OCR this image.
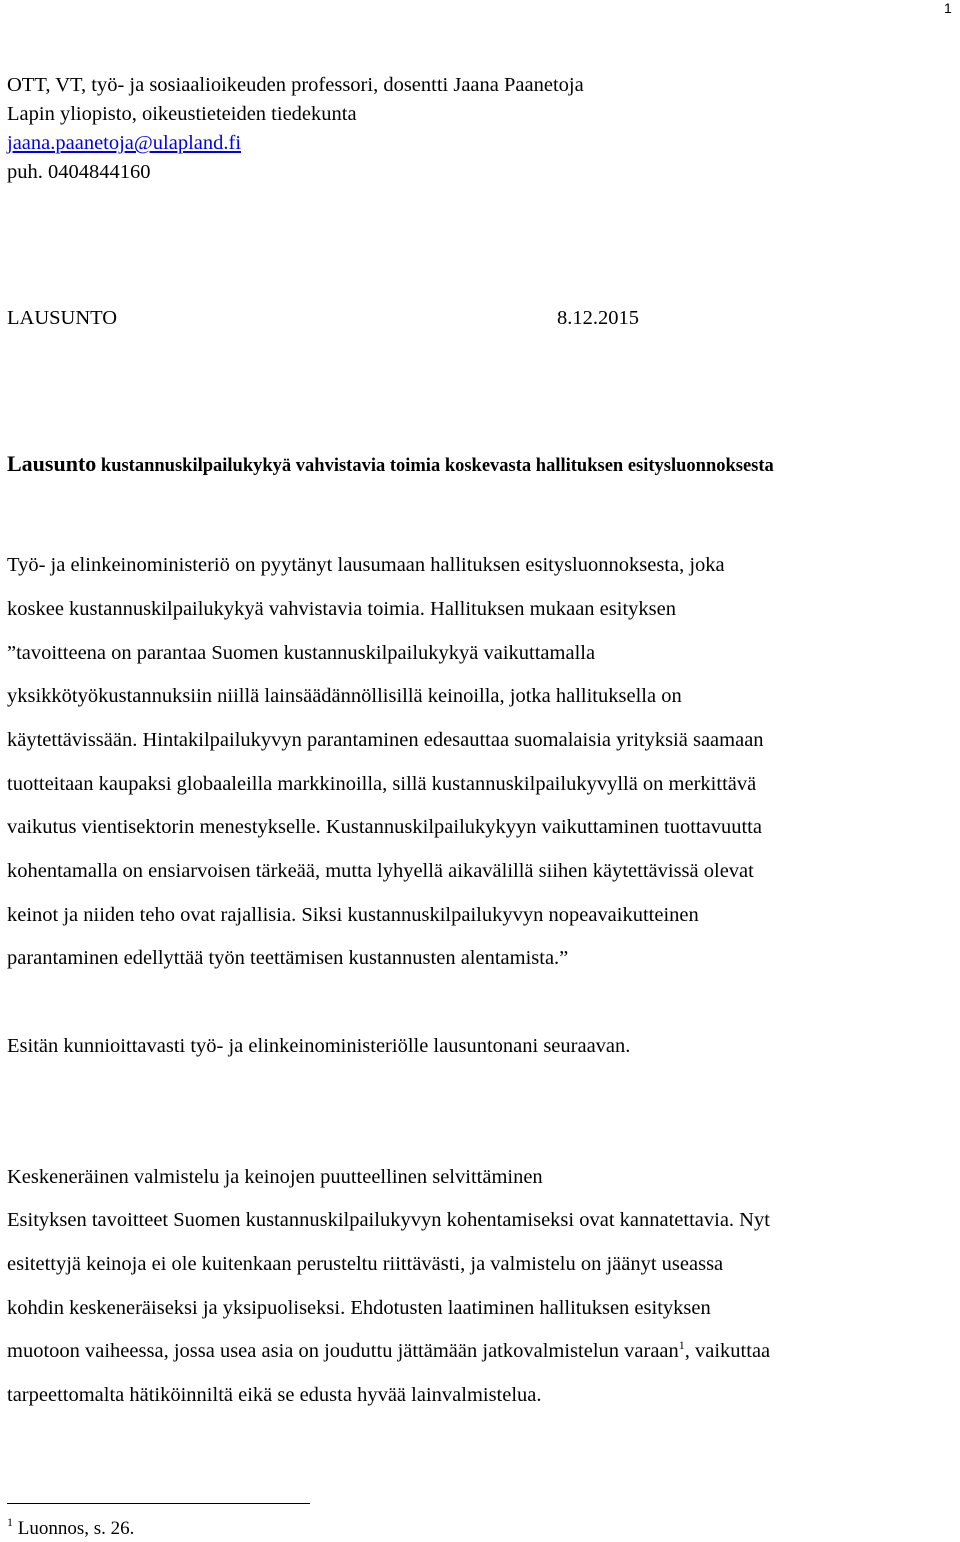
1
OTT, VT, työ- ja sosiaalioikeuden professori, dosentti Jaana Paanetoja
Lapin yliopisto, oikeustieteiden tiedekunta
jaana.paanetoja@ulapland.fi
puh. 0404844160
LAUSUNTO	8.12.2015
Lausunto kustannuskilpailukykyä vahvistavia toimia koskevasta hallituksen esitysluonnoksesta
Työ- ja elinkeinoministeriö on pyytänyt lausumaan hallituksen esitysluonnoksesta, joka
koskee kustannuskilpailukykyä vahvistavia toimia. Hallituksen mukaan esityksen
”tavoitteena on parantaa Suomen kustannuskilpailukykyä vaikuttamalla
yksikkötyökustannuksiin niillä lainsäädännöllisillä keinoilla, jotka hallituksella on
käytettävissään. Hintakilpailukyvyn parantaminen edesauttaa suomalaisia yrityksiä saamaan
tuotteitaan kaupaksi globaaleilla markkinoilla, sillä kustannuskilpailukyvyllä on merkittävä
vaikutus vientisektorin menestykselle. Kustannuskilpailukykyyn vaikuttaminen tuottavuutta
kohentamalla on ensiarvoisen tärkeää, mutta lyhyellä aikavälillä siihen käytettävissä olevat
keinot ja niiden teho ovat rajallisia. Siksi kustannuskilpailukyvyn nopeavaikutteinen
parantaminen edellyttää työn teettämisen kustannusten alentamista.”
Esitän kunnioittavasti työ- ja elinkeinoministeriölle lausuntonani seuraavan.
Keskeneräinen valmistelu ja keinojen puutteellinen selvittäminen
Esityksen tavoitteet Suomen kustannuskilpailukyvyn kohentamiseksi ovat kannatettavia. Nyt
esitettyjä keinoja ei ole kuitenkaan perusteltu riittävästi, ja valmistelu on jäänyt useassa
kohdin keskeneräiseksi ja yksipuoliseksi. Ehdotusten laatiminen hallituksen esityksen
muotoon vaiheessa, jossa usea asia on jouduttu jättämään jatkovalmistelun varaan$^1$, vaikuttaa
tarpeettomalta hätiköinniltä eikä se edusta hyvää lainvalmistelua.
$^1$ Luonnos, s. 26.
